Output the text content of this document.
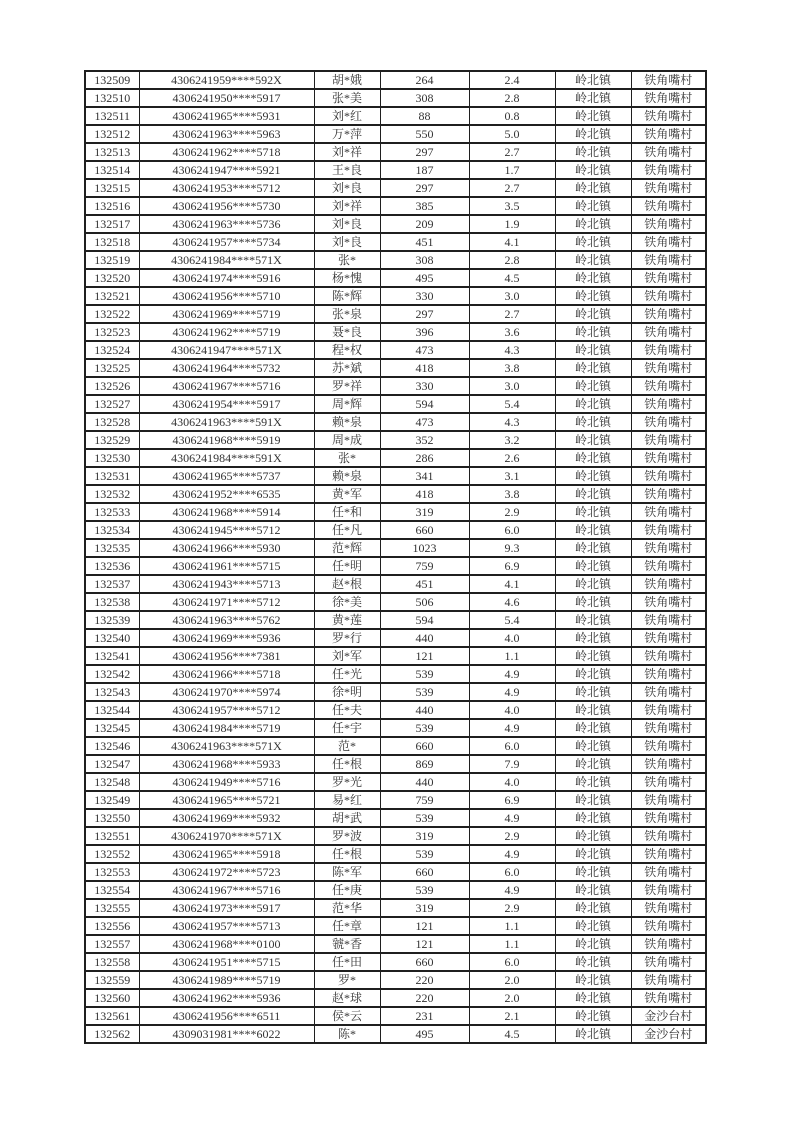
132509	4306241959****592X	胡*娥	264	2.4	岭北镇	铁角嘴村
132510	4306241950****5917	张*美	308	2.8	岭北镇	铁角嘴村
132511	4306241965****5931	刘*红	88	0.8	岭北镇	铁角嘴村
132512	4306241963****5963	万*萍	550	5.0	岭北镇	铁角嘴村
132513	4306241962****5718	刘*祥	297	2.7	岭北镇	铁角嘴村
132514	4306241947****5921	王*良	187	1.7	岭北镇	铁角嘴村
132515	4306241953****5712	刘*良	297	2.7	岭北镇	铁角嘴村
132516	4306241956****5730	刘*祥	385	3.5	岭北镇	铁角嘴村
132517	4306241963****5736	刘*良	209	1.9	岭北镇	铁角嘴村
132518	4306241957****5734	刘*良	451	4.1	岭北镇	铁角嘴村
132519	4306241984****571X	张*	308	2.8	岭北镇	铁角嘴村
132520	4306241974****5916	杨*愧	495	4.5	岭北镇	铁角嘴村
132521	4306241956****5710	陈*辉	330	3.0	岭北镇	铁角嘴村
132522	4306241969****5719	张*泉	297	2.7	岭北镇	铁角嘴村
132523	4306241962****5719	聂*良	396	3.6	岭北镇	铁角嘴村
132524	4306241947****571X	程*权	473	4.3	岭北镇	铁角嘴村
132525	4306241964****5732	苏*斌	418	3.8	岭北镇	铁角嘴村
132526	4306241967****5716	罗*祥	330	3.0	岭北镇	铁角嘴村
132527	4306241954****5917	周*辉	594	5.4	岭北镇	铁角嘴村
132528	4306241963****591X	赖*泉	473	4.3	岭北镇	铁角嘴村
132529	4306241968****5919	周*成	352	3.2	岭北镇	铁角嘴村
132530	4306241984****591X	张*	286	2.6	岭北镇	铁角嘴村
132531	4306241965****5737	赖*泉	341	3.1	岭北镇	铁角嘴村
132532	4306241952****6535	黄*军	418	3.8	岭北镇	铁角嘴村
132533	4306241968****5914	任*和	319	2.9	岭北镇	铁角嘴村
132534	4306241945****5712	任*凡	660	6.0	岭北镇	铁角嘴村
132535	4306241966****5930	范*辉	1023	9.3	岭北镇	铁角嘴村
132536	4306241961****5715	任*明	759	6.9	岭北镇	铁角嘴村
132537	4306241943****5713	赵*根	451	4.1	岭北镇	铁角嘴村
132538	4306241971****5712	徐*美	506	4.6	岭北镇	铁角嘴村
132539	4306241963****5762	黄*莲	594	5.4	岭北镇	铁角嘴村
132540	4306241969****5936	罗*行	440	4.0	岭北镇	铁角嘴村
132541	4306241956****7381	刘*军	121	1.1	岭北镇	铁角嘴村
132542	4306241966****5718	任*光	539	4.9	岭北镇	铁角嘴村
132543	4306241970****5974	徐*明	539	4.9	岭北镇	铁角嘴村
132544	4306241957****5712	任*夫	440	4.0	岭北镇	铁角嘴村
132545	4306241984****5719	任*宇	539	4.9	岭北镇	铁角嘴村
132546	4306241963****571X	范*	660	6.0	岭北镇	铁角嘴村
132547	4306241968****5933	任*根	869	7.9	岭北镇	铁角嘴村
132548	4306241949****5716	罗*光	440	4.0	岭北镇	铁角嘴村
132549	4306241965****5721	易*红	759	6.9	岭北镇	铁角嘴村
132550	4306241969****5932	胡*武	539	4.9	岭北镇	铁角嘴村
132551	4306241970****571X	罗*波	319	2.9	岭北镇	铁角嘴村
132552	4306241965****5918	任*根	539	4.9	岭北镇	铁角嘴村
132553	4306241972****5723	陈*军	660	6.0	岭北镇	铁角嘴村
132554	4306241967****5716	任*庚	539	4.9	岭北镇	铁角嘴村
132555	4306241973****5917	范*华	319	2.9	岭北镇	铁角嘴村
132556	4306241957****5713	任*章	121	1.1	岭北镇	铁角嘴村
132557	4306241968****0100	虢*香	121	1.1	岭北镇	铁角嘴村
132558	4306241951****5715	任*田	660	6.0	岭北镇	铁角嘴村
132559	4306241989****5719	罗*	220	2.0	岭北镇	铁角嘴村
132560	4306241962****5936	赵*球	220	2.0	岭北镇	铁角嘴村
132561	4306241956****6511	侯*云	231	2.1	岭北镇	金沙台村
132562	4309031981****6022	陈*	495	4.5	岭北镇	金沙台村
